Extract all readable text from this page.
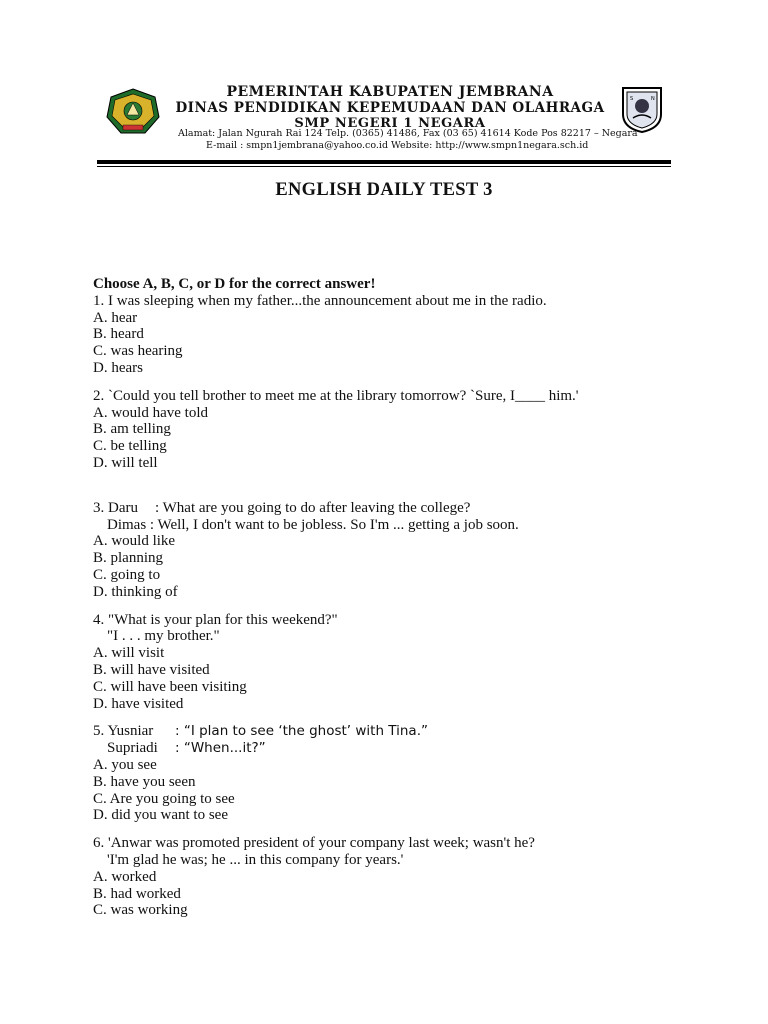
S	N
PEMERINTAH KABUPATEN JEMBRANA
DINAS PENDIDIKAN KEPEMUDAAN DAN OLAHRAGA
SMP NEGERI 1 NEGARA
Alamat: Jalan Ngurah Rai 124 Telp. (0365) 41486, Fax (03 65) 41614 Kode Pos 82217 – Negara
E-mail : smpn1jembrana@yahoo.co.id Website: http://www.smpn1negara.sch.id
ENGLISH DAILY TEST 3
Choose A, B, C, or D for the correct answer!
1. I was sleeping when my father...the announcement about me in the radio.
A. hear
B. heard
C. was hearing
D. hears
2. `Could you tell brother to meet me at the library tomorrow? `Sure, I____ him.'
A. would have told
B. am telling
C. be telling
D. will tell
3. Daru : What are you going to do after leaving the college?
Dimas : Well, I don't want to be jobless. So I'm ... getting a job soon.
A. would like
B. planning
C. going to
D. thinking of
4. "What is your plan for this weekend?"
"I . . . my brother."
A. will visit
B. will have visited
C. will have been visiting
D. have visited
5. Yusniar : “I plan to see ‘the ghost’ with Tina.”
Supriadi : “When...it?”
A. you see
B. have you seen
C. Are you going to see
D. did you want to see
6. 'Anwar was promoted president of your company last week; wasn't he?
'I'm glad he was; he ... in this company for years.'
A. worked
B. had worked
C. was working
